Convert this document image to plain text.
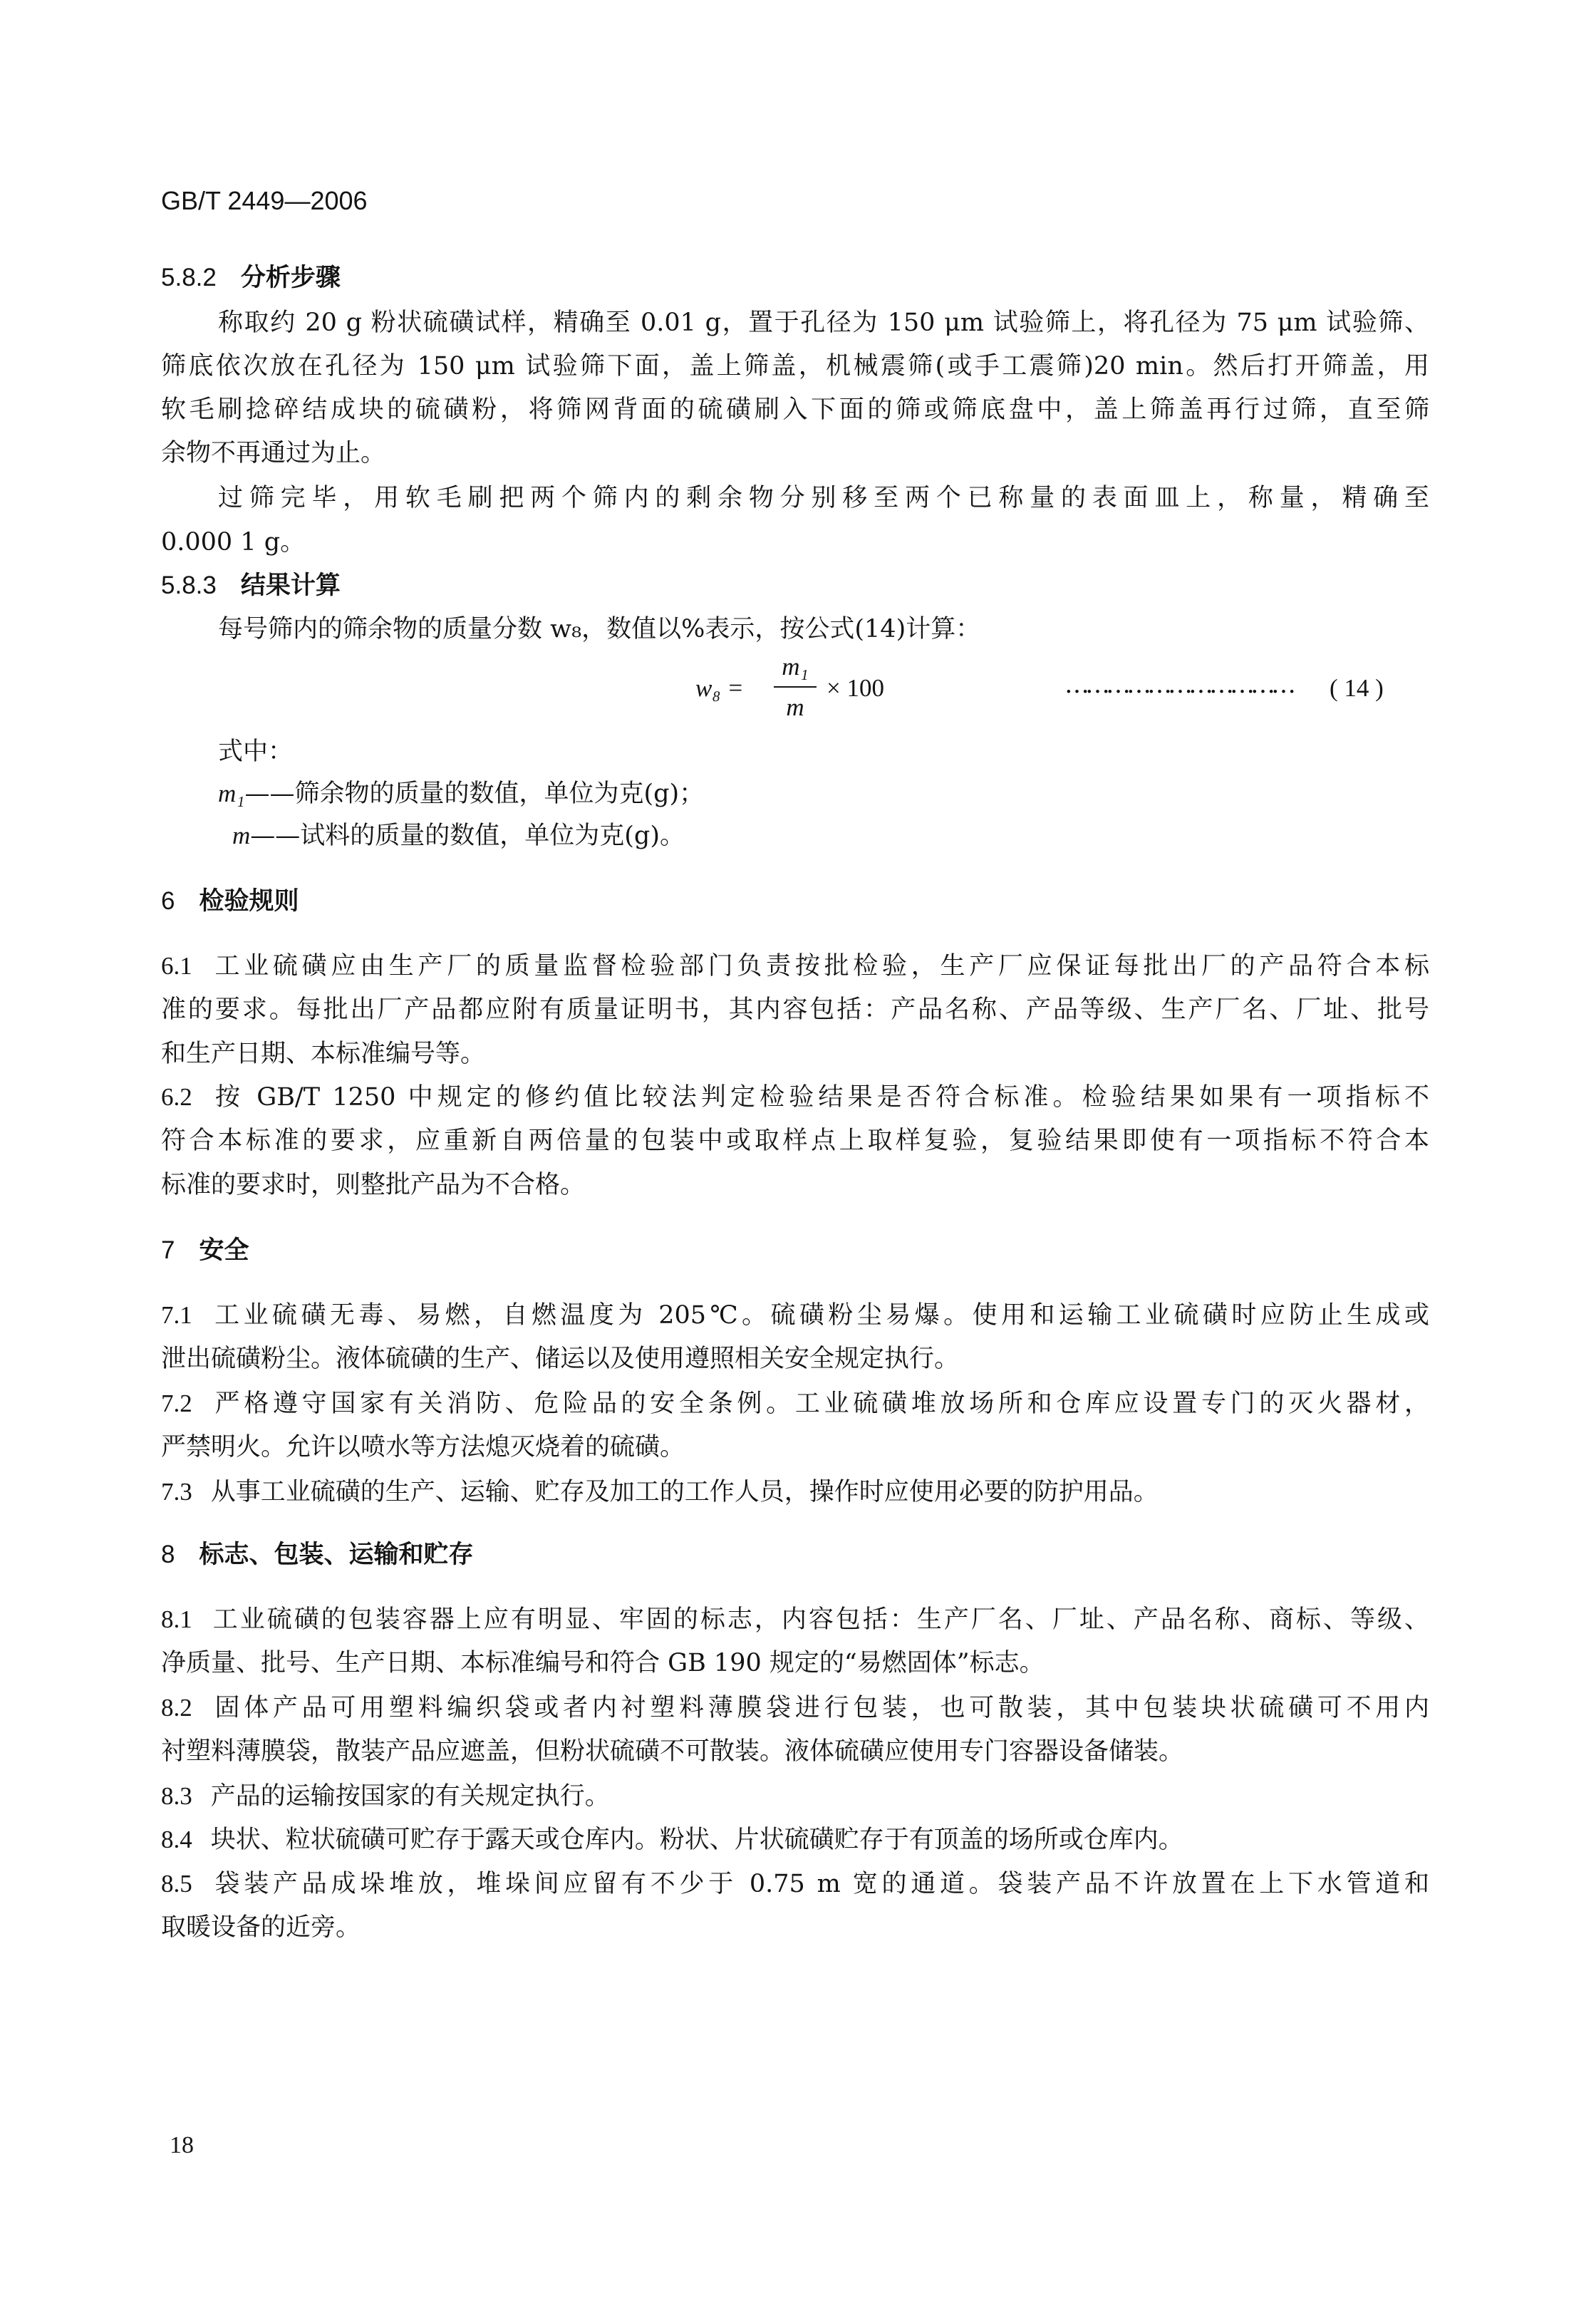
GB/T 2449—2006
5.8.2 分析步骤
称取约 20 g 粉状硫磺试样，精确至 0.01 g，置于孔径为 150 μm 试验筛上，将孔径为 75 μm 试验筛、
筛底依次放在孔径为 150 μm 试验筛下面，盖上筛盖，机械震筛(或手工震筛)20 min。然后打开筛盖，用
软毛刷捻碎结成块的硫磺粉，将筛网背面的硫磺刷入下面的筛或筛底盘中，盖上筛盖再行过筛，直至筛
余物不再通过为止。
过筛完毕，用软毛刷把两个筛内的剩余物分别移至两个已称量的表面皿上，称量，精确至
0.000 1 g。
5.8.3 结果计算
每号筛内的筛余物的质量分数 w₈，数值以%表示，按公式(14)计算：
w₈ =
m₁
m
× 100	…………………………… ( 14 )
式中：
m₁——筛余物的质量的数值，单位为克(g)；
m——试料的质量的数值，单位为克(g)。
6 检验规则
6.1 工业硫磺应由生产厂的质量监督检验部门负责按批检验，生产厂应保证每批出厂的产品符合本标
准的要求。每批出厂产品都应附有质量证明书，其内容包括：产品名称、产品等级、生产厂名、厂址、批号
和生产日期、本标准编号等。
6.2 按 GB/T 1250 中规定的修约值比较法判定检验结果是否符合标准。检验结果如果有一项指标不
符合本标准的要求，应重新自两倍量的包装中或取样点上取样复验，复验结果即使有一项指标不符合本
标准的要求时，则整批产品为不合格。
7 安全
7.1 工业硫磺无毒、易燃，自燃温度为 205℃。硫磺粉尘易爆。使用和运输工业硫磺时应防止生成或
泄出硫磺粉尘。液体硫磺的生产、储运以及使用遵照相关安全规定执行。
7.2 严格遵守国家有关消防、危险品的安全条例。工业硫磺堆放场所和仓库应设置专门的灭火器材，
严禁明火。允许以喷水等方法熄灭烧着的硫磺。
7.3 从事工业硫磺的生产、运输、贮存及加工的工作人员，操作时应使用必要的防护用品。
8 标志、包装、运输和贮存
8.1 工业硫磺的包装容器上应有明显、牢固的标志，内容包括：生产厂名、厂址、产品名称、商标、等级、
净质量、批号、生产日期、本标准编号和符合 GB 190 规定的“易燃固体”标志。
8.2 固体产品可用塑料编织袋或者内衬塑料薄膜袋进行包装，也可散装，其中包装块状硫磺可不用内
衬塑料薄膜袋，散装产品应遮盖，但粉状硫磺不可散装。液体硫磺应使用专门容器设备储装。
8.3 产品的运输按国家的有关规定执行。
8.4 块状、粒状硫磺可贮存于露天或仓库内。粉状、片状硫磺贮存于有顶盖的场所或仓库内。
8.5 袋装产品成垛堆放，堆垛间应留有不少于 0.75 m 宽的通道。袋装产品不许放置在上下水管道和
取暖设备的近旁。
18
